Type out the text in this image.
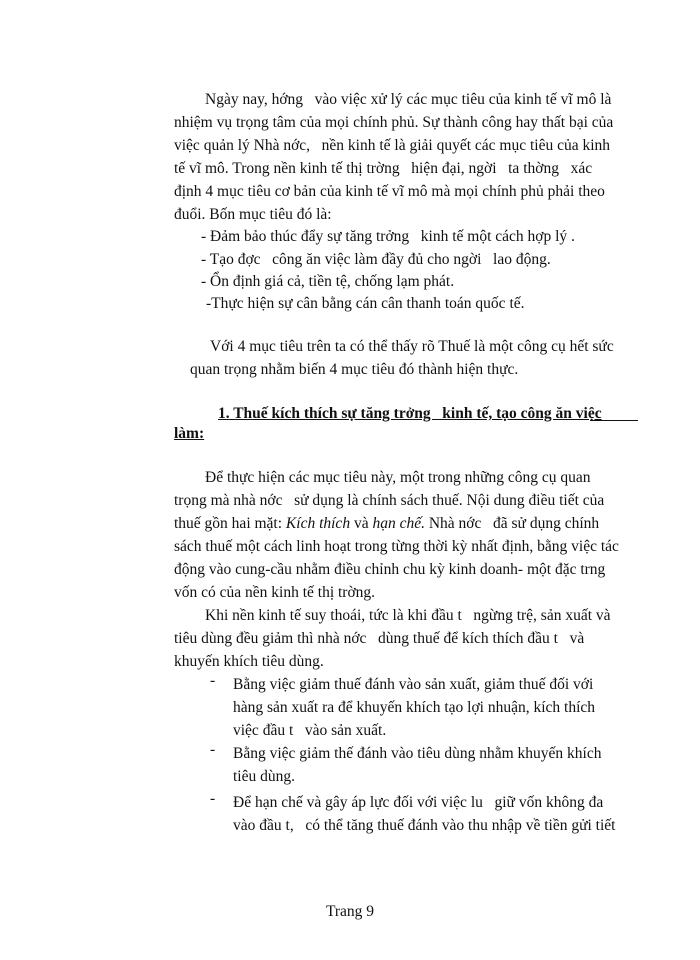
Ngày nay, hớng   vào việc xử lý các mục tiêu của kinh tế vĩ mô là
nhiệm vụ trọng tâm của mọi chính phủ. Sự thành công hay thất bại của
việc quản lý Nhà nớc,   nền kinh tế là giải quyết các mục tiêu của kinh
tế vĩ mô. Trong nền kinh tế thị trờng   hiện đại, ngời   ta thờng   xác
định 4 mục tiêu cơ bản của kinh tế vĩ mô mà mọi chính phủ phải theo
đuổi. Bốn mục tiêu đó là:
- Đảm bảo thúc đẩy sự tăng trởng   kinh tế một cách hợp lý .
- Tạo đợc   công ăn việc làm đầy đủ cho ngời   lao động.
- Ổn định giá cả, tiền tệ, chống lạm phát.
-Thực hiện sự cân bằng cán cân thanh toán quốc tế.
Với 4 mục tiêu trên ta có thể thấy rõ Thuế là một công cụ hết sức
quan trọng nhằm biến 4 mục tiêu đó thành hiện thực.
1. Thuế kích thích sự tăng trởng   kinh tế, tạo công ăn việc
làm:
Để thực hiện các mục tiêu này, một trong những công cụ quan
trọng mà nhà nớc   sử dụng là chính sách thuế. Nội dung điều tiết của
thuế gồn hai mặt: Kích thích và hạn chế. Nhà nớc   đã sử dụng chính
sách thuế một cách linh hoạt trong từng thời kỳ nhất định, bằng việc tác
động vào cung-cầu nhằm điều chỉnh chu kỳ kinh doanh- một đặc trng
vốn có của nền kinh tế thị trờng.
Khi nền kinh tế suy thoái, tức là khi đầu t   ngừng trệ, sản xuất và
tiêu dùng đều giảm thì nhà nớc   dùng thuế để kích thích đầu t   và
khuyến khích tiêu dùng.
- Bằng việc giảm thuế đánh vào sản xuất, giảm thuế đối với
hàng sản xuất ra để khuyến khích tạo lợi nhuận, kích thích
việc đầu t   vào sản xuất.
- Bằng việc giảm thế đánh vào tiêu dùng nhằm khuyến khích
tiêu dùng.
- Để hạn chế và gây áp lực đối với việc lu   giữ vốn không đa
vào đầu t,   có thể tăng thuế đánh vào thu nhập về tiền gửi tiết
Trang 9
